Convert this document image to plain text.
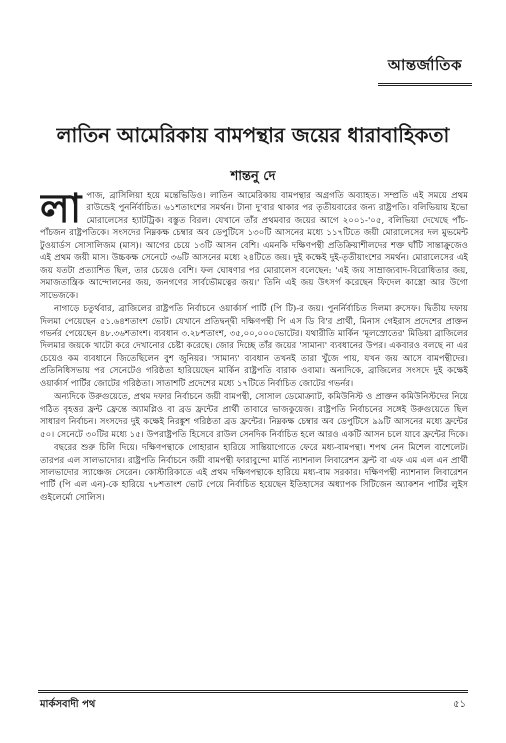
আন্তর্জাতিক
লাতিন আমেরিকায় বামপন্থার জয়ের ধারাবাহিকতা
শান্তনু দে

লা পাজ, ব্রাসিলিয়া হয়ে মন্তেভিডিও। লাতিন আমেরিকায় বামপন্থার অগ্রগতি অব্যাহত। সম্প্রতি এই সময়ে প্রথম রাউন্ডেই পুনর্নির্বাচিত। ৬১শতাংশের সমর্থন। টানা দু'বার থাকার পর তৃতীয়বারের জন্য রাষ্ট্রপতি। বলিভিয়ায় ইভো মোরালেসের হ্যাটট্রিক। বস্তুত বিরল। যেখানে তাঁর প্রথমবার জয়ের আগে ২০০১-'০৫, বলিভিয়া দেখেছে পাঁচ-পাঁচজন রাষ্ট্রপতিকে। সংসদের নিম্নকক্ষ চেম্বার অব ডেপুটিসে ১৩০টি আসনের মধ্যে ১১৭টিতে জয়ী মোরালেসের দল মুভমেন্ট টুওয়ার্ডস সোসালিজম (মাস)। আগের চেয়ে ১৩টি আসন বেশি। এমনকি দক্ষিণপন্থী প্রতিক্রিয়াশীলদের শক্ত ঘাঁটি সান্তাক্রুজেও এই প্রথম জয়ী মাস। উচ্চকক্ষ সেনেটে ৩৬টি আসনের মধ্যে ২৪টিতে জয়। দুই কক্ষেই দুই-তৃতীয়াংশের সমর্থন। মোরালেসের এই জয় যতটা প্রত্যাশিত ছিল, তার চেয়েও বেশি। ফল ঘোষণার পর মোরালেস বলেছেন: 'এই জয় সাম্রাজ্যবাদ-বিরোধিতার জয়, সমাজতান্ত্রিক আন্দোলনের জয়, জনগণের সার্বভৌমত্বের জয়।' তিনি এই জয় উৎসর্গ করেছেন ফিদেল কাস্ত্রো আর উগো সাভেজকে।

নাগাড়ে চতুর্থবার, ব্রাজিলের রাষ্ট্রপতি নির্বাচনে ওয়ার্কার্স পার্টি (পি টি)-র জয়। পুনর্নির্বাচিত দিলমা রুসেফ। দ্বিতীয় দফায় দিলমা পেয়েছেন ৫১.৬৪শতাংশ ভোট। যেখানে প্রতিদ্বন্দ্বী দক্ষিণপন্থী পি এস ডি বি'র প্রার্থী, মিনাস গেইরাস প্রদেশের প্রাক্তন গভর্নর পেয়েছেন ৪৮.৩৬শতাংশ। ব্যবধান ৩.২৮শতাংশ, ৩৫,০০,০০০ভোটের। যথারীতি মার্কিন 'মূলস্রোতের' মিডিয়া ব্রাজিলের দিলমার জয়কে খাটো করে দেখানোর চেষ্টা করেছে। জোর দিচ্ছে তাঁর জয়ের 'সামান্য' ব্যবধানের উপর। একবারও বলছে না এর চেয়েও কম ব্যবধানে জিতেছিলেন বুশ জুনিয়র। 'সামান্য' ব্যবধান তখনই তারা খুঁজে পায়, যখন জয় আসে বামপন্থীদের। প্রতিনিধিসভায় পর সেনেটেও গরিষ্ঠতা হারিয়েছেন মার্কিন রাষ্ট্রপতি বারাক ওবামা। অন্যদিকে, ব্রাজিলের সংসদে দুই কক্ষেই ওয়ার্কার্স পার্টির জোটের গরিষ্ঠতা। সাতাশটি প্রদেশের মধ্যে ১৭টিতে নির্বাচিত জোটের গভর্নর।

অন্যদিকে উরুগুয়েতে, প্রথম দফার নির্বাচনে জয়ী বামপন্থী, সোসাল ডেমোক্র্যাট, কমিউনিস্ট ও প্রাক্তন কমিউনিস্টদের নিয়ে গঠিত বৃহত্তর ফ্রন্ট ফ্রেন্তে অ্যামপ্লিও বা ব্রড ফ্রন্টের প্রার্থী তাবারে ভাজকুয়েজ। রাষ্ট্রপতি নির্বাচনের সঙ্গেই উরুগুয়েতে ছিল সাধারণ নির্বাচন। সংসদের দুই কক্ষেই নিরঙ্কুশ গরিষ্ঠতা ব্রড ফ্রন্টের। নিম্নকক্ষ চেম্বার অব ডেপুটিসে ৯৯টি আসনের মধ্যে ফ্রন্টের ৫০। সেনেটে ৩০টির মধ্যে ১৫। উপরাষ্ট্রপতি হিসেবে রাউল সেনদিক নির্বাচিত হলে আরও একটি আসন চলে যাবে ফ্রন্টের দিকে।

বছরের শুরু চিলি দিয়ে। দক্ষিণপন্থাকে গোহারান হারিয়ে সান্তিয়াগোতে ফেরে মধ্য-বামপন্থা। শপথ নেন মিশেল বাশেলেট। তারপর এল সালভাদোর। রাষ্ট্রপতি নির্বাচনে জয়ী বামপন্থী ফারাবুন্দো মার্তি ন্যাশনাল লিবারেশন ফ্রন্ট বা এফ এম এল এন প্রার্থী সালভাদোর স্যাঞ্চেজ সেরেন। কোস্টারিকাতে এই প্রথম দক্ষিণপন্থাকে হারিয়ে মধ্য-বাম সরকার। দক্ষিণপন্থী ন্যাশনাল লিবারেশন পার্টি (পি এল এন)-কে হারিয়ে ৭৮শতাংশ ভোট পেয়ে নির্বাচিত হয়েছেন ইতিহাসের অধ্যাপক সিটিজেন অ্যাকশন পার্টির লুইস গুইলের্মো সোলিস।

মার্কসবাদী পথ	৫১
